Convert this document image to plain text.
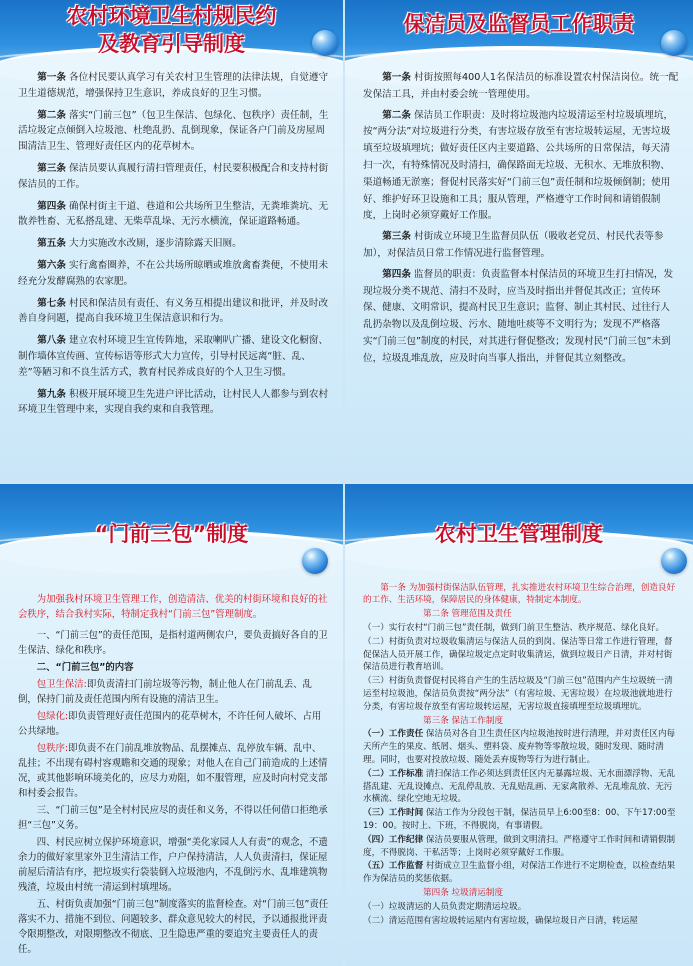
农村环境卫生村规民约
及教育引导制度

第一条 各位村民要认真学习有关农村卫生管理的法律法规，自觉遵守卫生道德规范，增强保持卫生意识，养成良好的卫生习惯。

第二条 落实“门前三包”（包卫生保洁、包绿化、包秩序）责任制，生活垃圾定点倾倒入垃圾池、杜绝乱扔、乱倒现象，保证各户门前及房屋周围清洁卫生、管理好责任区内的花草树木。

第三条 保洁员要认真履行清扫管理责任，村民要积极配合和支持村街保洁员的工作。

第四条 确保村街主干道、巷道和公共场所卫生整洁，无粪堆粪坑、无散养牲畜、无私搭乱建、无柴草乱垛、无污水横流，保证道路畅通。

第五条 大力实施改水改厕，逐步清除露天旧厕。

第六条 实行禽畜圈养，不在公共场所晾晒或堆放禽畜粪便，不使用未经充分发酵腐熟的农家肥。

第七条 村民和保洁员有责任、有义务互相提出建议和批评，并及时改善自身问题，提高自我环境卫生保洁意识和行为。

第八条 建立农村环境卫生宣传阵地，采取喇叭广播、建设文化橱窗、制作墙体宣传画、宣传标语等形式大力宣传，引导村民远离“脏、乱、差”等陋习和不良生活方式，教育村民养成良好的个人卫生习惯。

第九条 积极开展环境卫生先进户评比活动，让村民人人都参与到农村环境卫生管理中来，实现自我约束和自我管理。

保洁员及监督员工作职责

第一条 村街按照每400人1名保洁员的标准设置农村保洁岗位。统一配发保洁工具，并由村委会统一管理使用。

第二条 保洁员工作职责：及时将垃圾池内垃圾清运至村垃圾填埋坑，按“两分法”对垃圾进行分类，有害垃圾存放至有害垃圾转运屋，无害垃圾填至垃圾填埋坑；做好责任区内主要道路、公共场所的日常保洁，每天清扫一次，有特殊情况及时清扫，确保路面无垃圾、无积水、无堆放积物、渠道畅通无淤塞；督促村民落实好“门前三包”责任制和垃圾倾倒制；使用好、维护好环卫设施和工具；服从管理，严格遵守工作时间和请销假制度，上岗时必须穿戴好工作服。

第三条 村街成立环境卫生监督员队伍（吸收老党员、村民代表等参加），对保洁员日常工作情况进行监督管理。

第四条 监督员的职责：负责监督本村保洁员的环境卫生打扫情况，发现垃圾分类不规范、清扫不及时，应当及时指出并督促其改正；宣传环保、健康、文明常识，提高村民卫生意识；监督、制止其村民、过往行人乱扔杂物以及乱倒垃圾、污水、随地吐痰等不文明行为；发现不严格落实“门前三包”制度的村民，对其进行督促整改；发现村民“门前三包”未到位，垃圾乱堆乱放，应及时向当事人指出，并督促其立刻整改。

“门前三包”制度

为加强我村环境卫生管理工作，创造清洁、优美的村街环境和良好的社会秩序，结合我村实际，特制定我村“门前三包”管理制度。

一、“门前三包”的责任范围，是指村道两侧农户，要负责搞好各自的卫生保洁、绿化和秩序。

二、“门前三包”的内容

包卫生保洁:即负责清扫门前垃圾等污物，制止他人在门前乱丢、乱倒，保持门前及责任范围内所有设施的清洁卫生。

包绿化:即负责管理好责任范围内的花草树木，不许任何人破坏、占用公共绿地。

包秩序:即负责不在门前乱堆放物品、乱摆摊点、乱停放车辆、乱中、乱挂；不出现有碍村容观瞻和交通的现象；对他人在自己门前造成的上述情况，或其他影响环境美化的，应尽力劝阻，如不服管理，应及时向村党支部和村委会报告。

三、“门前三包”是全村村民应尽的责任和义务，不得以任何借口拒绝承担“三包”义务。

四、村民应树立保护环境意识，增强“美化家园人人有责”的观念，不遗余力的做好家里家外卫生清洁工作，户户保持清洁，人人负责清扫，保证屋前屋后清洁有序，把垃圾实行袋装倒入垃圾池内，不乱倒污水、乱堆建筑物残渣，垃圾由村统一清运到村填埋场。

五、村街负责加强“门前三包”制度落实的监督检查。对“门前三包”责任落实不力、措施不到位、问题较多、群众意见较大的村民，予以通报批评责令限期整改，对限期整改不彻底、卫生隐患严重的要追究主要责任人的责任。

农村卫生管理制度

第一条 为加强村街保洁队伍管理，扎实推进农村环境卫生综合治理，创造良好的工作、生活环境，保障居民的身体健康，特制定本制度。

第二条 管理范围及责任

（一）实行农村“门前三包”责任制，做到门前卫生整洁、秩序规范、绿化良好。

（二）村街负责对垃圾收集清运与保洁人员的到岗、保洁等日常工作进行管理，督促保洁人员开展工作，确保垃圾定点定时收集清运，做到垃圾日产日清，并对村街保洁员进行教育培训。

（三）村街负责督促村民将自产生的生活垃圾及“门前三包”范围内产生垃圾统一清运至村垃圾池，保洁员负责按“两分法”（有害垃圾、无害垃圾）在垃圾池就地进行分类，有害垃圾存放至有害垃圾转运屋，无害垃圾直接填埋至垃圾填埋坑。

第三条 保洁工作制度

（一）工作责任 保洁员对各自卫生责任区内垃圾池按时进行清理，并对责任区内每天所产生的果皮、纸屑、烟头、塑料袋、废弃物等零散垃圾，随时发现、随时清理。同时，也要对投放垃圾、随处丢弃废物等行为进行制止。

（二）工作标准 清扫保洁工作必须达到责任区内无暴露垃圾、无水面漂浮物、无乱搭乱建、无乱设摊点、无乱停乱放、无乱贴乱画、无家禽散养、无乱堆乱放、无污水横流、绿化空地无垃圾。

（三）工作时间 保洁工作为分段包干制，保洁员早上6:00至8：00、下午17:00至19：00。按时上、下班，不得脱岗，有事请假。

（四）工作纪律 保洁员要服从管理，做到文明清扫。严格遵守工作时间和请销假制度，不得脱岗、干私活等；上岗时必须穿戴好工作服。

（五）工作监督 村街成立卫生监督小组，对保洁工作进行不定期检查，以检查结果作为保洁员的奖惩依据。

第四条 垃圾清运制度

（一）垃圾清运的人员负责定期清运垃圾。

（二）清运范围有害垃圾转运屋内有害垃圾，确保垃圾日产日清，转运屋
